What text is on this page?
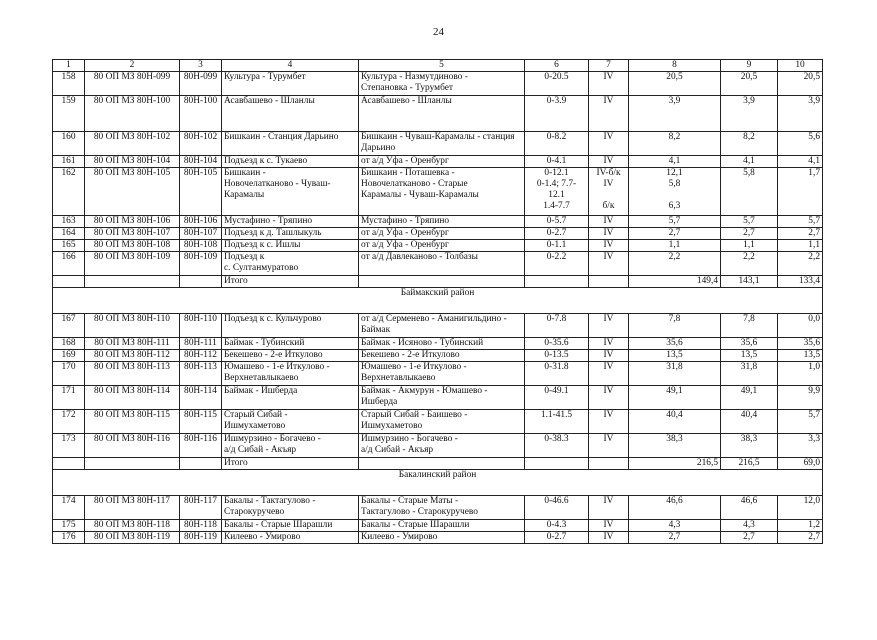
24
1	2	3	4	5	6	7	8	9	10
158	80 ОП МЗ 80Н-099	80Н-099	Культура - Турумбет	Культура - Назмутдиново -
Степановка - Турумбет	0-20.5	IV	20,5	20,5	20,5
159	80 ОП МЗ 80Н-100	80Н-100	Асавбашево - Шланлы	Асавбашево - Шланлы	0-3.9	IV	3,9	3,9	3,9
160	80 ОП МЗ 80Н-102	80Н-102	Бишкаин - Станция Дарьино	Бишкаин - Чуваш-Карамалы - станция
Дарьино	0-8.2	IV	8,2	8,2	5,6
161	80 ОП МЗ 80Н-104	80Н-104	Подъезд к с. Тукаево	от а/д Уфа - Оренбург	0-4.1	IV	4,1	4,1	4,1
162	80 ОП МЗ 80Н-105	80Н-105	Бишкаин -
Новочелатканово - Чуваш-
Карамалы	Бишкаин - Поташевка -
Новочелатканово - Старые
Карамалы - Чуваш-Карамалы	0-12.1
0-1.4; 7.7-
12.1
1.4-7.7	IV-б/к
IV

б/к	12,1
5,8

6,3	5,8	1,7
163	80 ОП МЗ 80Н-106	80Н-106	Мустафино - Тряпино	Мустафино - Тряпино	0-5.7	IV	5,7	5,7	5,7
164	80 ОП МЗ 80Н-107	80Н-107	Подъезд к д. Ташлыкуль	от а/д Уфа - Оренбург	0-2.7	IV	2,7	2,7	2,7
165	80 ОП МЗ 80Н-108	80Н-108	Подъезд к с. Ишлы	от а/д Уфа - Оренбург	0-1.1	IV	1,1	1,1	1,1
166	80 ОП МЗ 80Н-109	80Н-109	Подъезд к
с. Султанмуратово	от а/д Давлеканово - Толбазы	0-2.2	IV	2,2	2,2	2,2
			Итого				149,4	143,1	133,4
Баймакский район									
167	80 ОП МЗ 80Н-110	80Н-110	Подъезд к с. Кульчурово	от а/д Серменево - Аманигильдино -
Баймак	0-7.8	IV	7,8	7,8	0,0
168	80 ОП МЗ 80Н-111	80Н-111	Баймак - Тубинский	Баймак - Исяново - Тубинский	0-35.6	IV	35,6	35,6	35,6
169	80 ОП МЗ 80Н-112	80Н-112	Бекешево - 2-е Иткулово	Бекешево - 2-е Иткулово	0-13.5	IV	13,5	13,5	13,5
170	80 ОП МЗ 80Н-113	80Н-113	Юмашево - 1-е Иткулово -
Верхнетавлыкаево	Юмашево - 1-е Иткулово -
Верхнетавлыкаево	0-31.8	IV	31,8	31,8	1,0
171	80 ОП МЗ 80Н-114	80Н-114	Баймак - Ишберда	Баймак - Акмурун - Юмашево -
Ишберда	0-49.1	IV	49,1	49,1	9,9
172	80 ОП МЗ 80Н-115	80Н-115	Старый Сибай -
Ишмухаметово	Старый Сибай - Баишево -
Ишмухаметово	1.1-41.5	IV	40,4	40,4	5,7
173	80 ОП МЗ 80Н-116	80Н-116	Ишмурзино - Богачево -
а/д Сибай - Акъяр	Ишмурзино - Богачево -
а/д Сибай - Акъяр	0-38.3	IV	38,3	38,3	3,3
			Итого				216,5	216,5	69,0
Бакалинский район									
174	80 ОП МЗ 80Н-117	80Н-117	Бакалы - Тактагулово -
Старокуручево	Бакалы - Старые Маты -
Тактагулово - Старокуручево	0-46.6	IV	46,6	46,6	12,0
175	80 ОП МЗ 80Н-118	80Н-118	Бакалы - Старые Шарашли	Бакалы - Старые Шарашли	0-4.3	IV	4,3	4,3	1,2
176	80 ОП МЗ 80Н-119	80Н-119	Килеево - Умирово	Килеево - Умирово	0-2.7	IV	2,7	2,7	2,7
